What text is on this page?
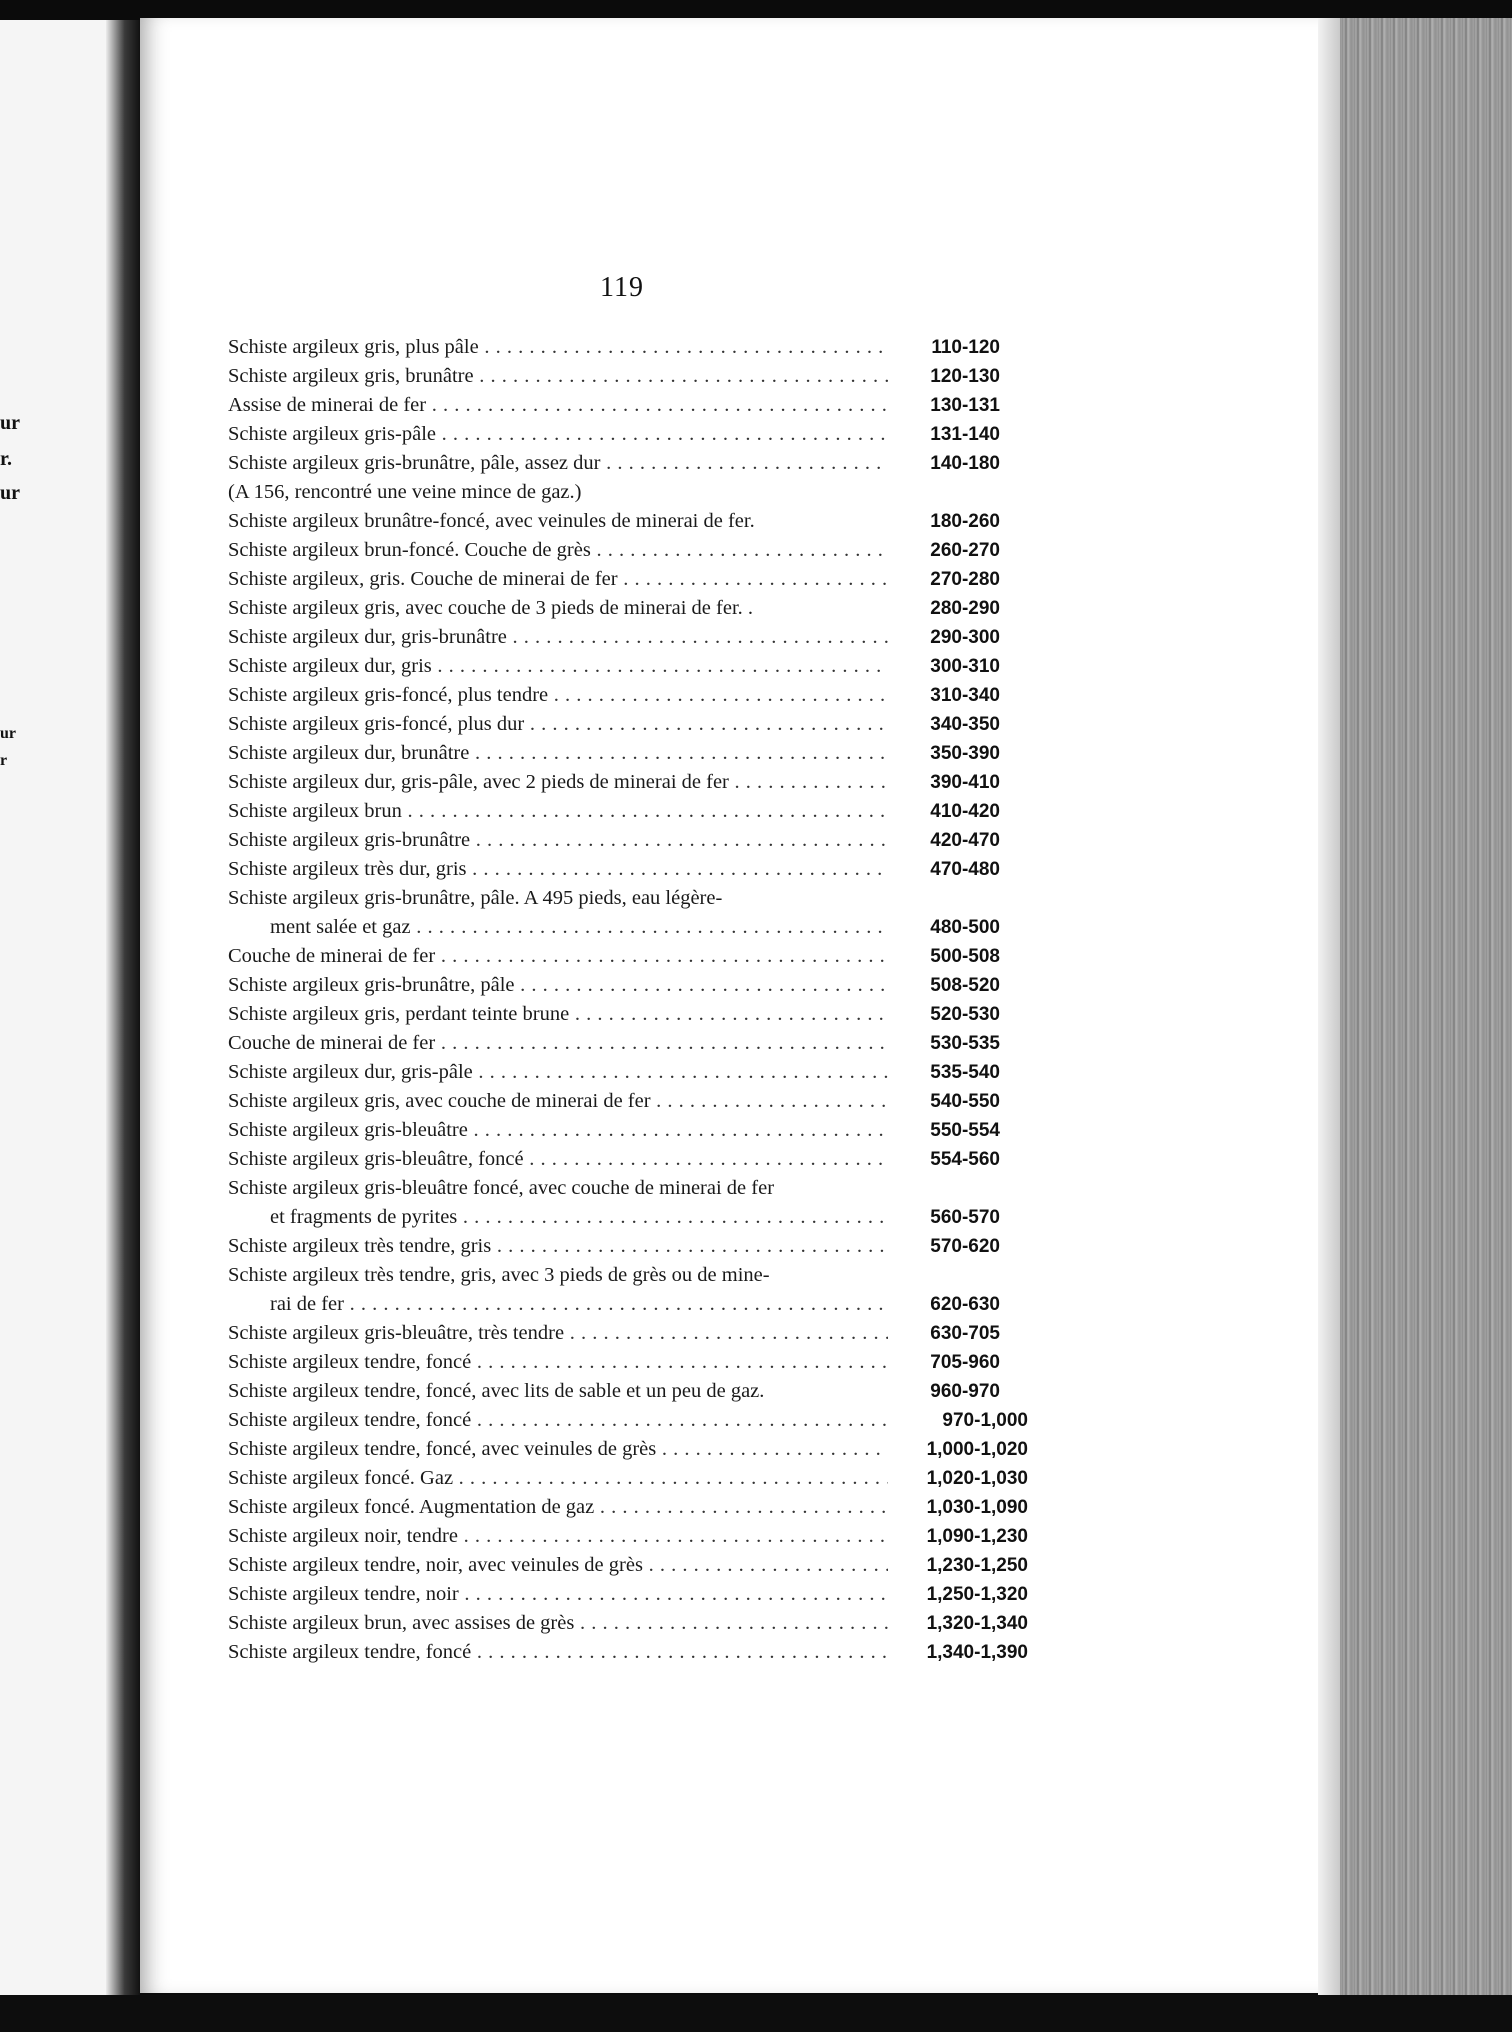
ur
r.
ur
ur
r
119
Schiste argileux gris, plus pâle . . .	110-120
Schiste argileux gris, brunâtre . . .	120-130
Assise de minerai de fer . . .	130-131
Schiste argileux gris-pâle . . .	131-140
Schiste argileux gris-brunâtre, pâle, assez dur . . .	140-180
(A 156, rencontré une veine mince de gaz.)
Schiste argileux brunâtre-foncé, avec veinules de minerai de fer.	180-260
Schiste argileux brun-foncé. Couche de grès . . .	260-270
Schiste argileux, gris. Couche de minerai de fer . . .	270-280
Schiste argileux gris, avec couche de 3 pieds de minerai de fer. .	280-290
Schiste argileux dur, gris-brunâtre . . .	290-300
Schiste argileux dur, gris . . .	300-310
Schiste argileux gris-foncé, plus tendre . . .	310-340
Schiste argileux gris-foncé, plus dur . . .	340-350
Schiste argileux dur, brunâtre . . .	350-390
Schiste argileux dur, gris-pâle, avec 2 pieds de minerai de fer . . .	390-410
Schiste argileux brun . . .	410-420
Schiste argileux gris-brunâtre . . .	420-470
Schiste argileux très dur, gris . . .	470-480
Schiste argileux gris-brunâtre, pâle. A 495 pieds, eau légère-
ment salée et gaz . . .	480-500
Couche de minerai de fer . . .	500-508
Schiste argileux gris-brunâtre, pâle . . .	508-520
Schiste argileux gris, perdant teinte brune . . .	520-530
Couche de minerai de fer . . .	530-535
Schiste argileux dur, gris-pâle . . .	535-540
Schiste argileux gris, avec couche de minerai de fer . . .	540-550
Schiste argileux gris-bleuâtre . . .	550-554
Schiste argileux gris-bleuâtre, foncé . . .	554-560
Schiste argileux gris-bleuâtre foncé, avec couche de minerai de fer
et fragments de pyrites . . .	560-570
Schiste argileux très tendre, gris . . .	570-620
Schiste argileux très tendre, gris, avec 3 pieds de grès ou de mine-
rai de fer . . .	620-630
Schiste argileux gris-bleuâtre, très tendre . . .	630-705
Schiste argileux tendre, foncé . . .	705-960
Schiste argileux tendre, foncé, avec lits de sable et un peu de gaz.	960-970
Schiste argileux tendre, foncé . . .	970-1,000
Schiste argileux tendre, foncé, avec veinules de grès . . .	1,000-1,020
Schiste argileux foncé. Gaz . . .	1,020-1,030
Schiste argileux foncé. Augmentation de gaz . . .	1,030-1,090
Schiste argileux noir, tendre . . .	1,090-1,230
Schiste argileux tendre, noir, avec veinules de grès . . .	1,230-1,250
Schiste argileux tendre, noir . . .	1,250-1,320
Schiste argileux brun, avec assises de grès . . .	1,320-1,340
Schiste argileux tendre, foncé . . .	1,340-1,390
